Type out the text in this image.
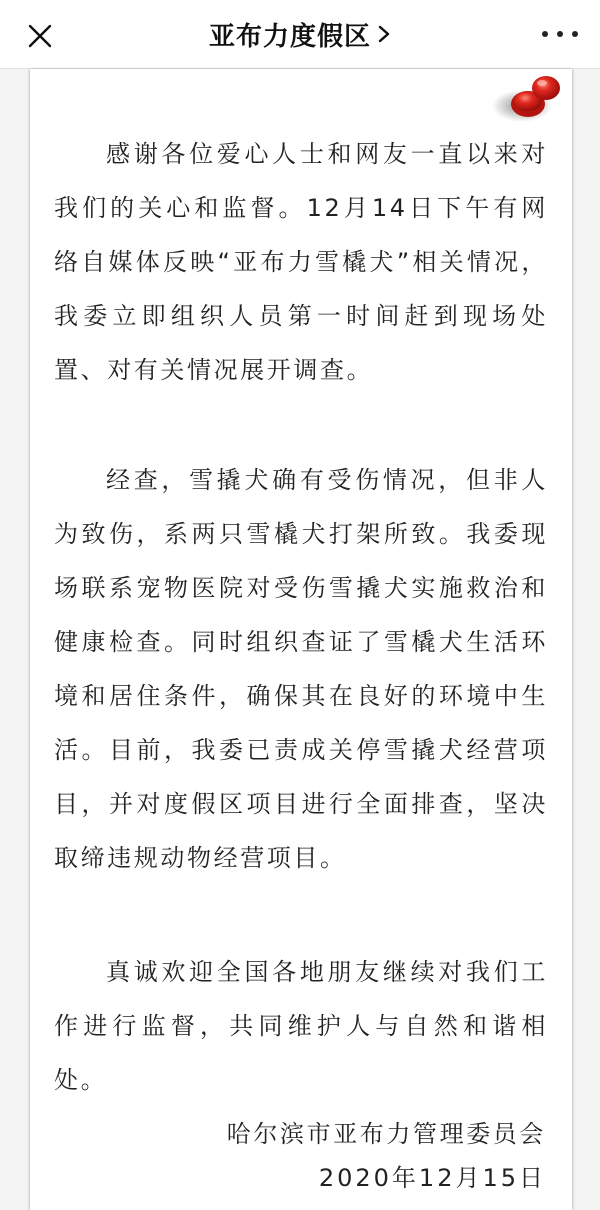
亚布力度假区

感谢各位爱心人士和网友一直以来对我们的关心和监督。12月14日下午有网络自媒体反映“亚布力雪橇犬”相关情况，我委立即组织人员第一时间赶到现场处置、对有关情况展开调查。

经查，雪撬犬确有受伤情况，但非人为致伤，系两只雪橇犬打架所致。我委现场联系宠物医院对受伤雪撬犬实施救治和健康检查。同时组织查证了雪橇犬生活环境和居住条件，确保其在良好的环境中生活。目前，我委已责成关停雪撬犬经营项目，并对度假区项目进行全面排查，坚决取缔违规动物经营项目。

真诚欢迎全国各地朋友继续对我们工作进行监督，共同维护人与自然和谐相处。

哈尔滨市亚布力管理委员会
2020年12月15日
